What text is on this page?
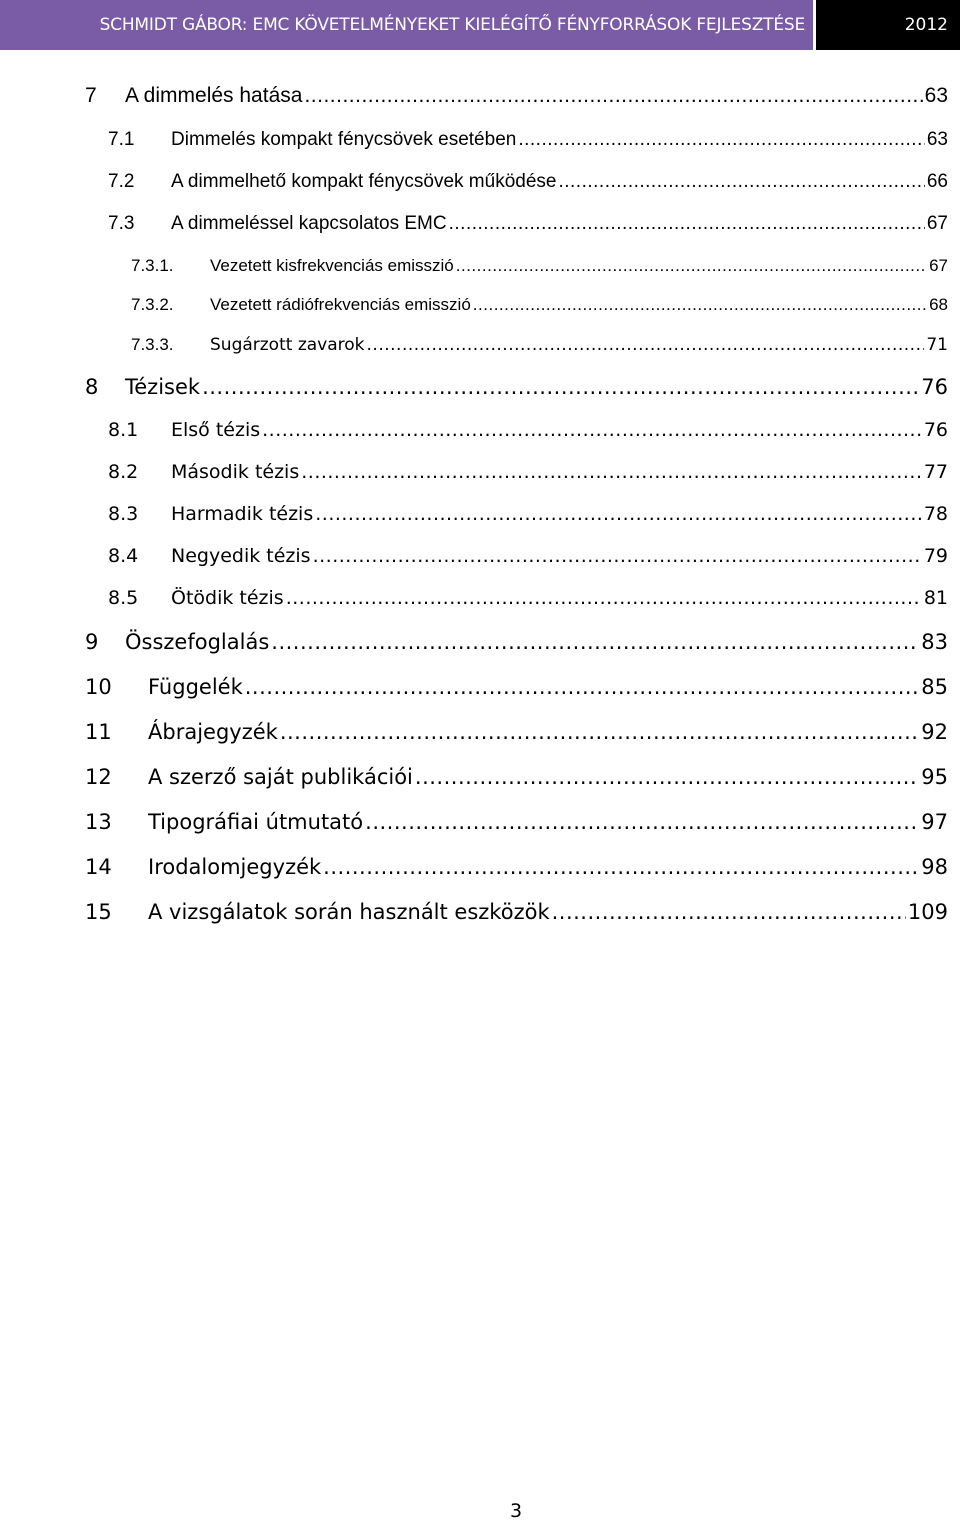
SCHMIDT GÁBOR: EMC KÖVETELMÉNYEKET KIELÉGÍTŐ FÉNYFORRÁSOK FEJLESZTÉSE	2012
7	A dimmelés hatása .....	63
7.1	Dimmelés kompakt fénycsövek esetében .....	63
7.2	A dimmelhető kompakt fénycsövek működése .....	66
7.3	A dimmeléssel kapcsolatos EMC .....	67
7.3.1.	Vezetett kisfrekvenciás emisszió .....	67
7.3.2.	Vezetett rádiófrekvenciás emisszió .....	68
7.3.3.	Sugárzott zavarok .....	71
8	Tézisek .....	76
8.1	Első tézis .....	76
8.2	Második tézis .....	77
8.3	Harmadik tézis .....	78
8.4	Negyedik tézis .....	79
8.5	Ötödik tézis .....	81
9	Összefoglalás .....	83
10	Függelék .....	85
11	Ábrajegyzék .....	92
12	A szerző saját publikációi .....	95
13	Tipográfiai útmutató .....	97
14	Irodalomjegyzék .....	98
15	A vizsgálatok során használt eszközök .....	109
3
